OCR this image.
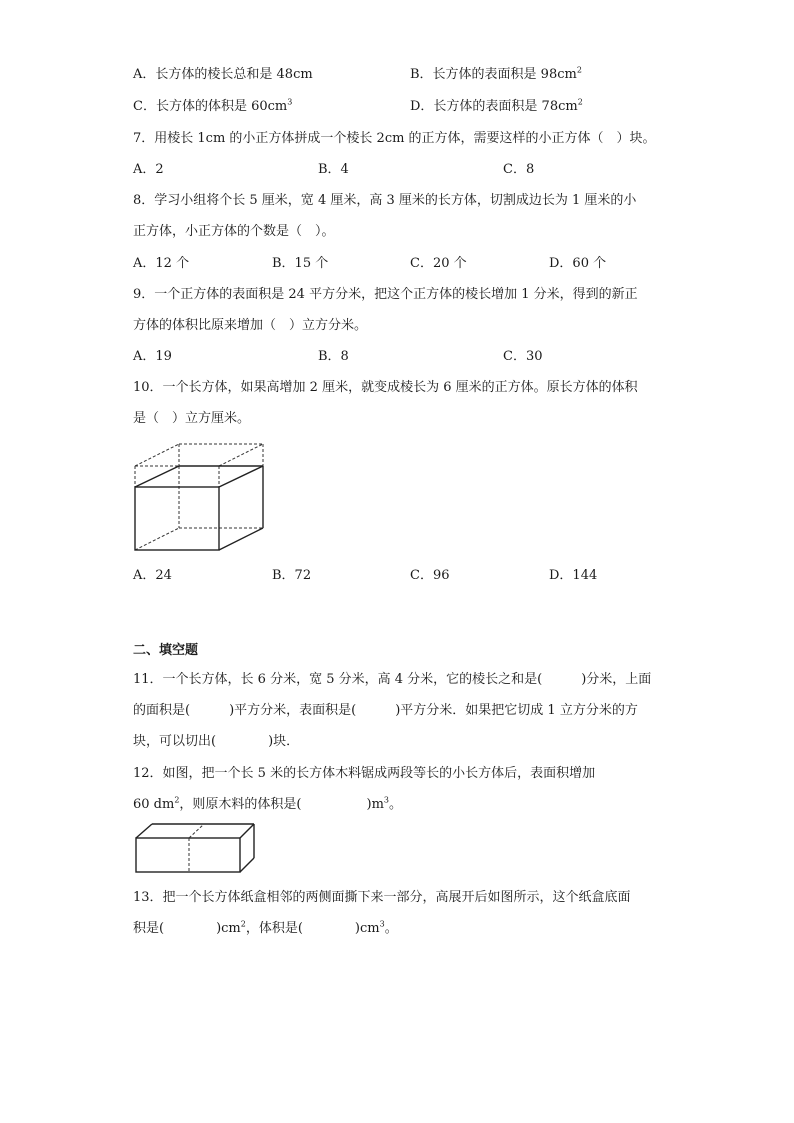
A．长方体的棱长总和是 48cm	B．长方体的表面积是 $98cm^2$
C．长方体的体积是 $60cm^3$	D．长方体的表面积是 $78cm^2$
7．用棱长 1cm 的小正方体拼成一个棱长 2cm 的正方体，需要这样的小正方体（　）块。
A．2	B．4	C．8
8．学习小组将个长 5 厘米，宽 4 厘米，高 3 厘米的长方体，切割成边长为 1 厘米的小
正方体，小正方体的个数是（　）。
A．12 个	B．15 个	C．20 个	D．60 个
9．一个正方体的表面积是 24 平方分米，把这个正方体的棱长增加 1 分米，得到的新正
方体的体积比原来增加（　）立方分米。
A．19	B．8	C．30
10．一个长方体，如果高增加 2 厘米，就变成棱长为 6 厘米的正方体。原长方体的体积
是（　）立方厘米。
A．24	B．72	C．96	D．144
二、填空题
11．一个长方体，长 6 分米，宽 5 分米，高 4 分米，它的棱长之和是(　　　)分米，上面
的面积是(　　　)平方分米，表面积是(　　　)平方分米．如果把它切成 1 立方分米的方
块，可以切出(　　　　)块．
12．如图，把一个长 5 米的长方体木料锯成两段等长的小长方体后，表面积增加
60 $dm^2$，则原木料的体积是(　　　　　)$m^3$。
13．把一个长方体纸盒相邻的两侧面撕下来一部分，高展开后如图所示，这个纸盒底面
积是(　　　　)$cm^2$，体积是(　　　　)$cm^3$。
